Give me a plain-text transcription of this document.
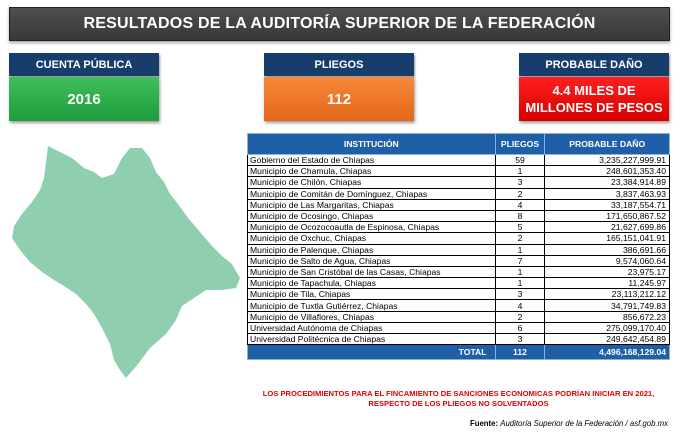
RESULTADOS DE LA AUDITORÍA SUPERIOR DE LA FEDERACIÓN
CUENTA PÚBLICA
2016
PLIEGOS
112
PROBABLE DAÑO
4.4 MILES DE
MILLONES DE PESOS
INSTITUCIÓN	PLIEGOS	PROBABLE DAÑO
Gobierno del Estado de Chiapas	59	3,235,227,999.91
Municipio de Chamula, Chiapas	1	248,601,353.40
Municipio de Chilón, Chiapas	3	23,384,914.89
Municipio de Comitán de Domínguez, Chiapas	2	3,837,463.93
Municipio de Las Margaritas, Chiapas	4	33,187,554.71
Municipio de Ocosingo, Chiapas	8	171,650,867.52
Municipio de Ocozocoautla de Espinosa, Chiapas	5	21,627,699.86
Municipio de Oxchuc, Chiapas	2	165,151,041.91
Municipio de Palenque, Chiapas	1	386,691.66
Municipio de Salto de Agua, Chiapas	7	9,574,060.64
Municipio de San Cristóbal de las Casas, Chiapas	1	23,975.17
Municipio de Tapachula, Chiapas	1	11,245.97
Municipio de Tila, Chiapas	3	23,113,212.12
Municipio de Tuxtla Gutiérrez, Chiapas	4	34,791,749.83
Municipio de Villaflores, Chiapas	2	856,672.23
Universidad Autónoma de Chiapas	6	275,099,170.40
Universidad Politécnica de Chiapas	3	249,642,454.89
TOTAL	112	4,496,168,129.04
LOS PROCEDIMIENTOS PARA EL FINCAMIENTO DE SANCIONES ECONOMICAS PODRÍAN INICIAR EN 2021,
RESPECTO DE LOS PLIEGOS NO SOLVENTADOS
Fuente: Auditoría Superior de la Federación / asf.gob.mx
